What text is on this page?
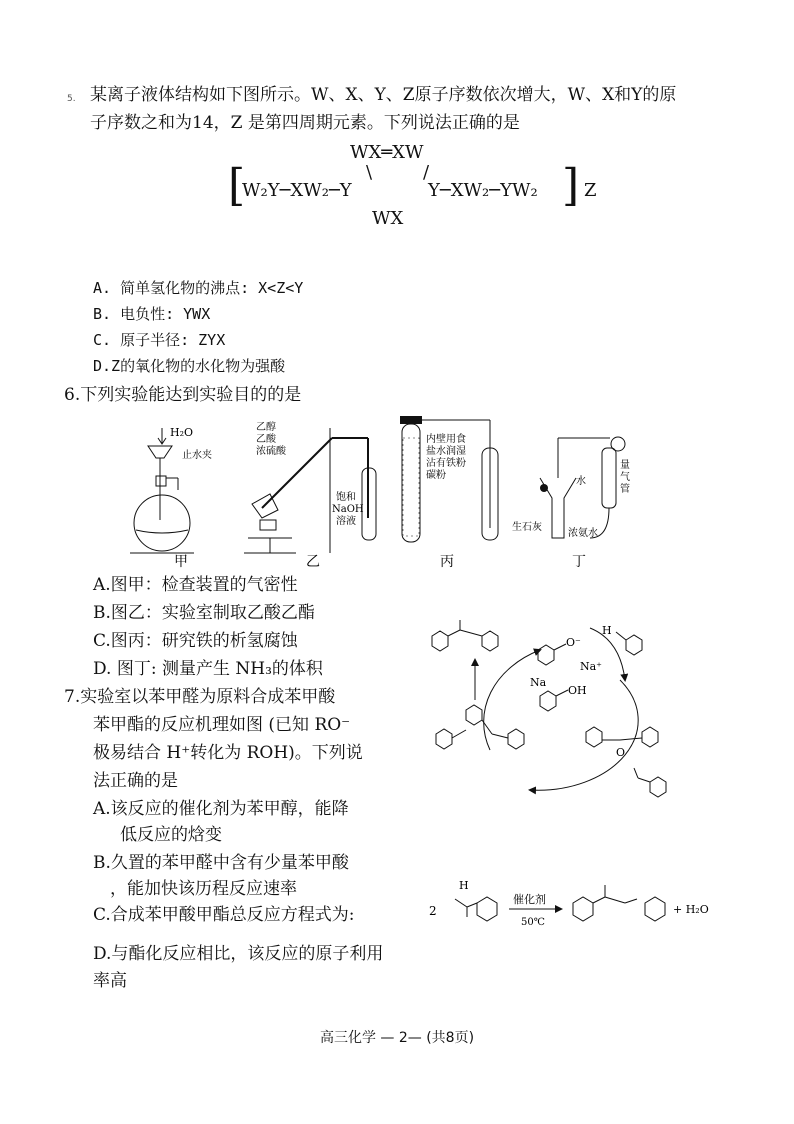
5. 某离子液体结构如下图所示。W、X、Y、Z原子序数依次增大，W、X和Y的原
子序数之和为14，Z 是第四周期元素。下列说法正确的是
WX═XW
[
W₂Y─XW₂─Y
\	/
Y─XW₂─YW₂
WX
] Z
A. 简单氢化物的沸点: X<Z<Y
B. 电负性: YWX
C. 原子半径: ZYX
D.Z的氧化物的水化物为强酸
6.下列实验能达到实验目的的是
H₂O
止水夹
乙醇
乙酸
浓硫酸
饱和
NaOH
溶液
内壁用食
盐水润湿
沾有铁粉
碳粉
水
量
气
管
生石灰
浓氨水
甲	乙	丙	丁
A.图甲：检查装置的气密性
B.图乙：实验室制取乙酸乙酯
C.图丙：研究铁的析氢腐蚀
D. 图丁: 测量产生 NH₃的体积
7.实验室以苯甲醛为原料合成苯甲酸
苯甲酯的反应机理如图 (已知 RO⁻
极易结合 H⁺转化为 ROH)。下列说
法正确的是
A.该反应的催化剂为苯甲醇，能降
低反应的焓变
B.久置的苯甲醛中含有少量苯甲酸
，能加快该历程反应速率
C.合成苯甲酸甲酯总反应方程式为:
D.与酯化反应相比，该反应的原子利用
率高
O⁻
H
OH
Na
Na⁺
O
2
H
催化剂
50℃
+ H₂O
高三化学 — 2— (共8页)
